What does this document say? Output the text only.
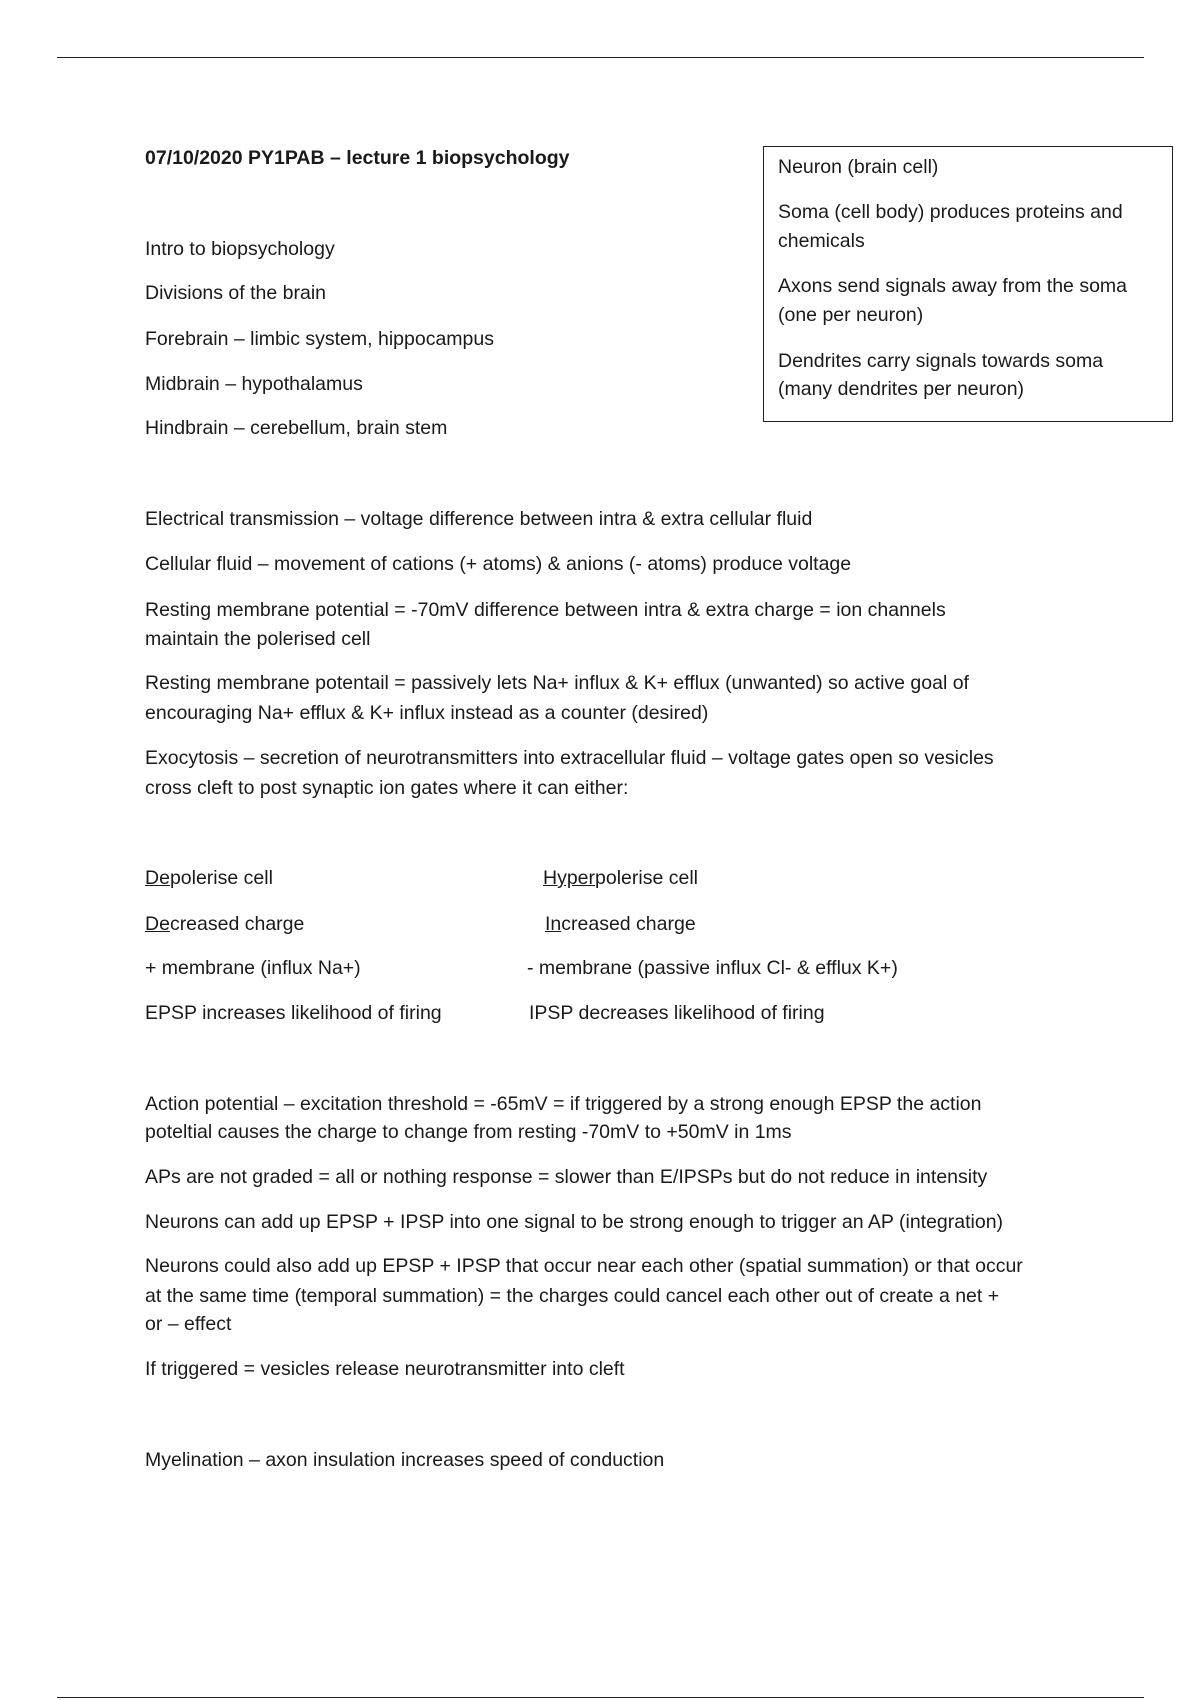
07/10/2020 PY1PAB – lecture 1 biopsychology
Intro to biopsychology
Divisions of the brain
Forebrain – limbic system, hippocampus
Midbrain – hypothalamus
Hindbrain – cerebellum, brain stem
Neuron (brain cell)
Soma (cell body) produces proteins and
chemicals
Axons send signals away from the soma
(one per neuron)
Dendrites carry signals towards soma
(many dendrites per neuron)
Electrical transmission – voltage difference between intra & extra cellular fluid
Cellular fluid – movement of cations (+ atoms) & anions (- atoms) produce voltage
Resting membrane potential = -70mV difference between intra & extra charge = ion channels
maintain the polerised cell
Resting membrane potentail = passively lets Na+ influx & K+ efflux (unwanted) so active goal of
encouraging Na+ efflux & K+ influx instead as a counter (desired)
Exocytosis – secretion of neurotransmitters into extracellular fluid – voltage gates open so vesicles
cross cleft to post synaptic ion gates where it can either:
Depolerise cell	Hyperpolerise cell
Decreased charge	Increased charge
+ membrane (influx Na+)	- membrane (passive influx Cl- & efflux K+)
EPSP increases likelihood of firing	IPSP decreases likelihood of firing
Action potential – excitation threshold = -65mV = if triggered by a strong enough EPSP the action
poteltial causes the charge to change from resting -70mV to +50mV in 1ms
APs are not graded = all or nothing response = slower than E/IPSPs but do not reduce in intensity
Neurons can add up EPSP + IPSP into one signal to be strong enough to trigger an AP (integration)
Neurons could also add up EPSP + IPSP that occur near each other (spatial summation) or that occur
at the same time (temporal summation) = the charges could cancel each other out of create a net +
or – effect
If triggered = vesicles release neurotransmitter into cleft
Myelination – axon insulation increases speed of conduction
